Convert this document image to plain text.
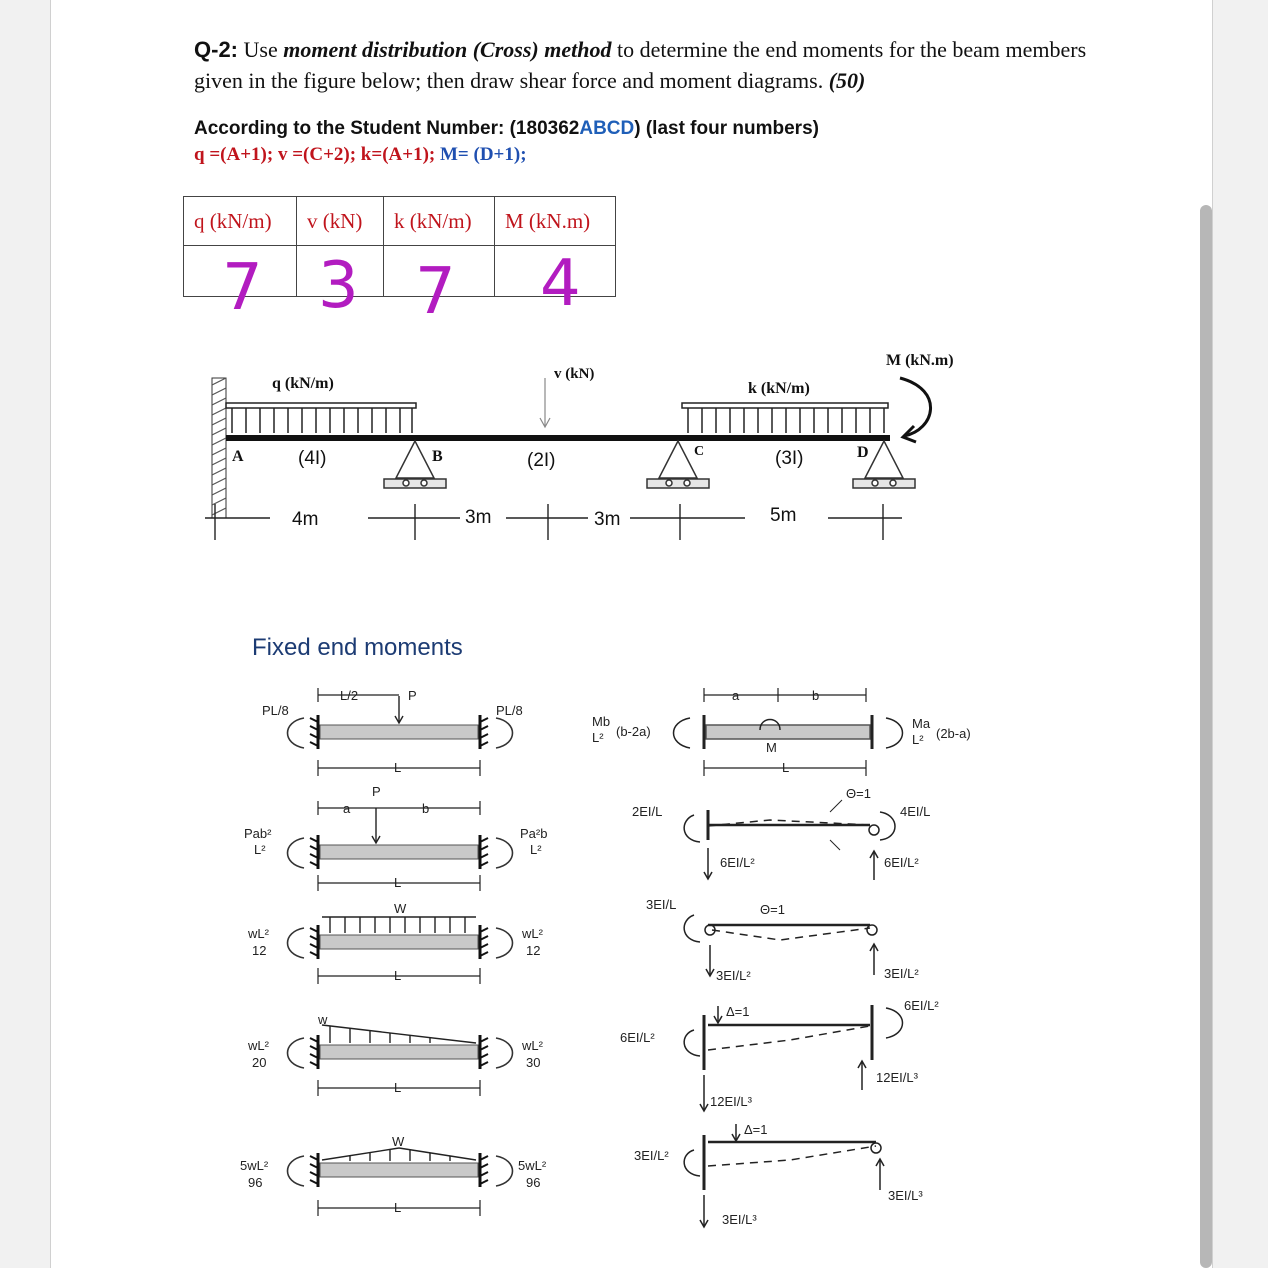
Q-2: Use moment distribution (Cross) method to determine the end moments for the beam members given in the figure below; then draw shear force and moment diagrams. (50)
According to the Student Number: (180362ABCD) (last four numbers)
q =(A+1); v =(C+2); k=(A+1); M= (D+1);
q (kN/m)	v (kN)	k (kN/m)	M (kN.m)

7 3 7 4
q (kN/m)
v (kN)
k (kN/m)
M (kN.m)
A	B	C	D
(4I)	(2I)	(3I)
4m	3m	3m	5m
Fixed end moments
L/2	P
PL/8	PL/8
L
a	b
P
Pab²
L²
Pa²b
L²
L
W
wL²
12
wL²
12
L
w
wL²
20
wL²
30
L
W
5wL²
96
5wL²
96
L
a	b
M
L
Mb
L² (b-2a)
Ma
L² (2b-a)
2EI/L
Θ=1
4EI/L
6EI/L²	6EI/L²
3EI/L	Θ=1
3EI/L²	3EI/L²
Δ=1
6EI/L²
6EI/L²
12EI/L³
12EI/L³
Δ=1
3EI/L²
3EI/L³
3EI/L³
